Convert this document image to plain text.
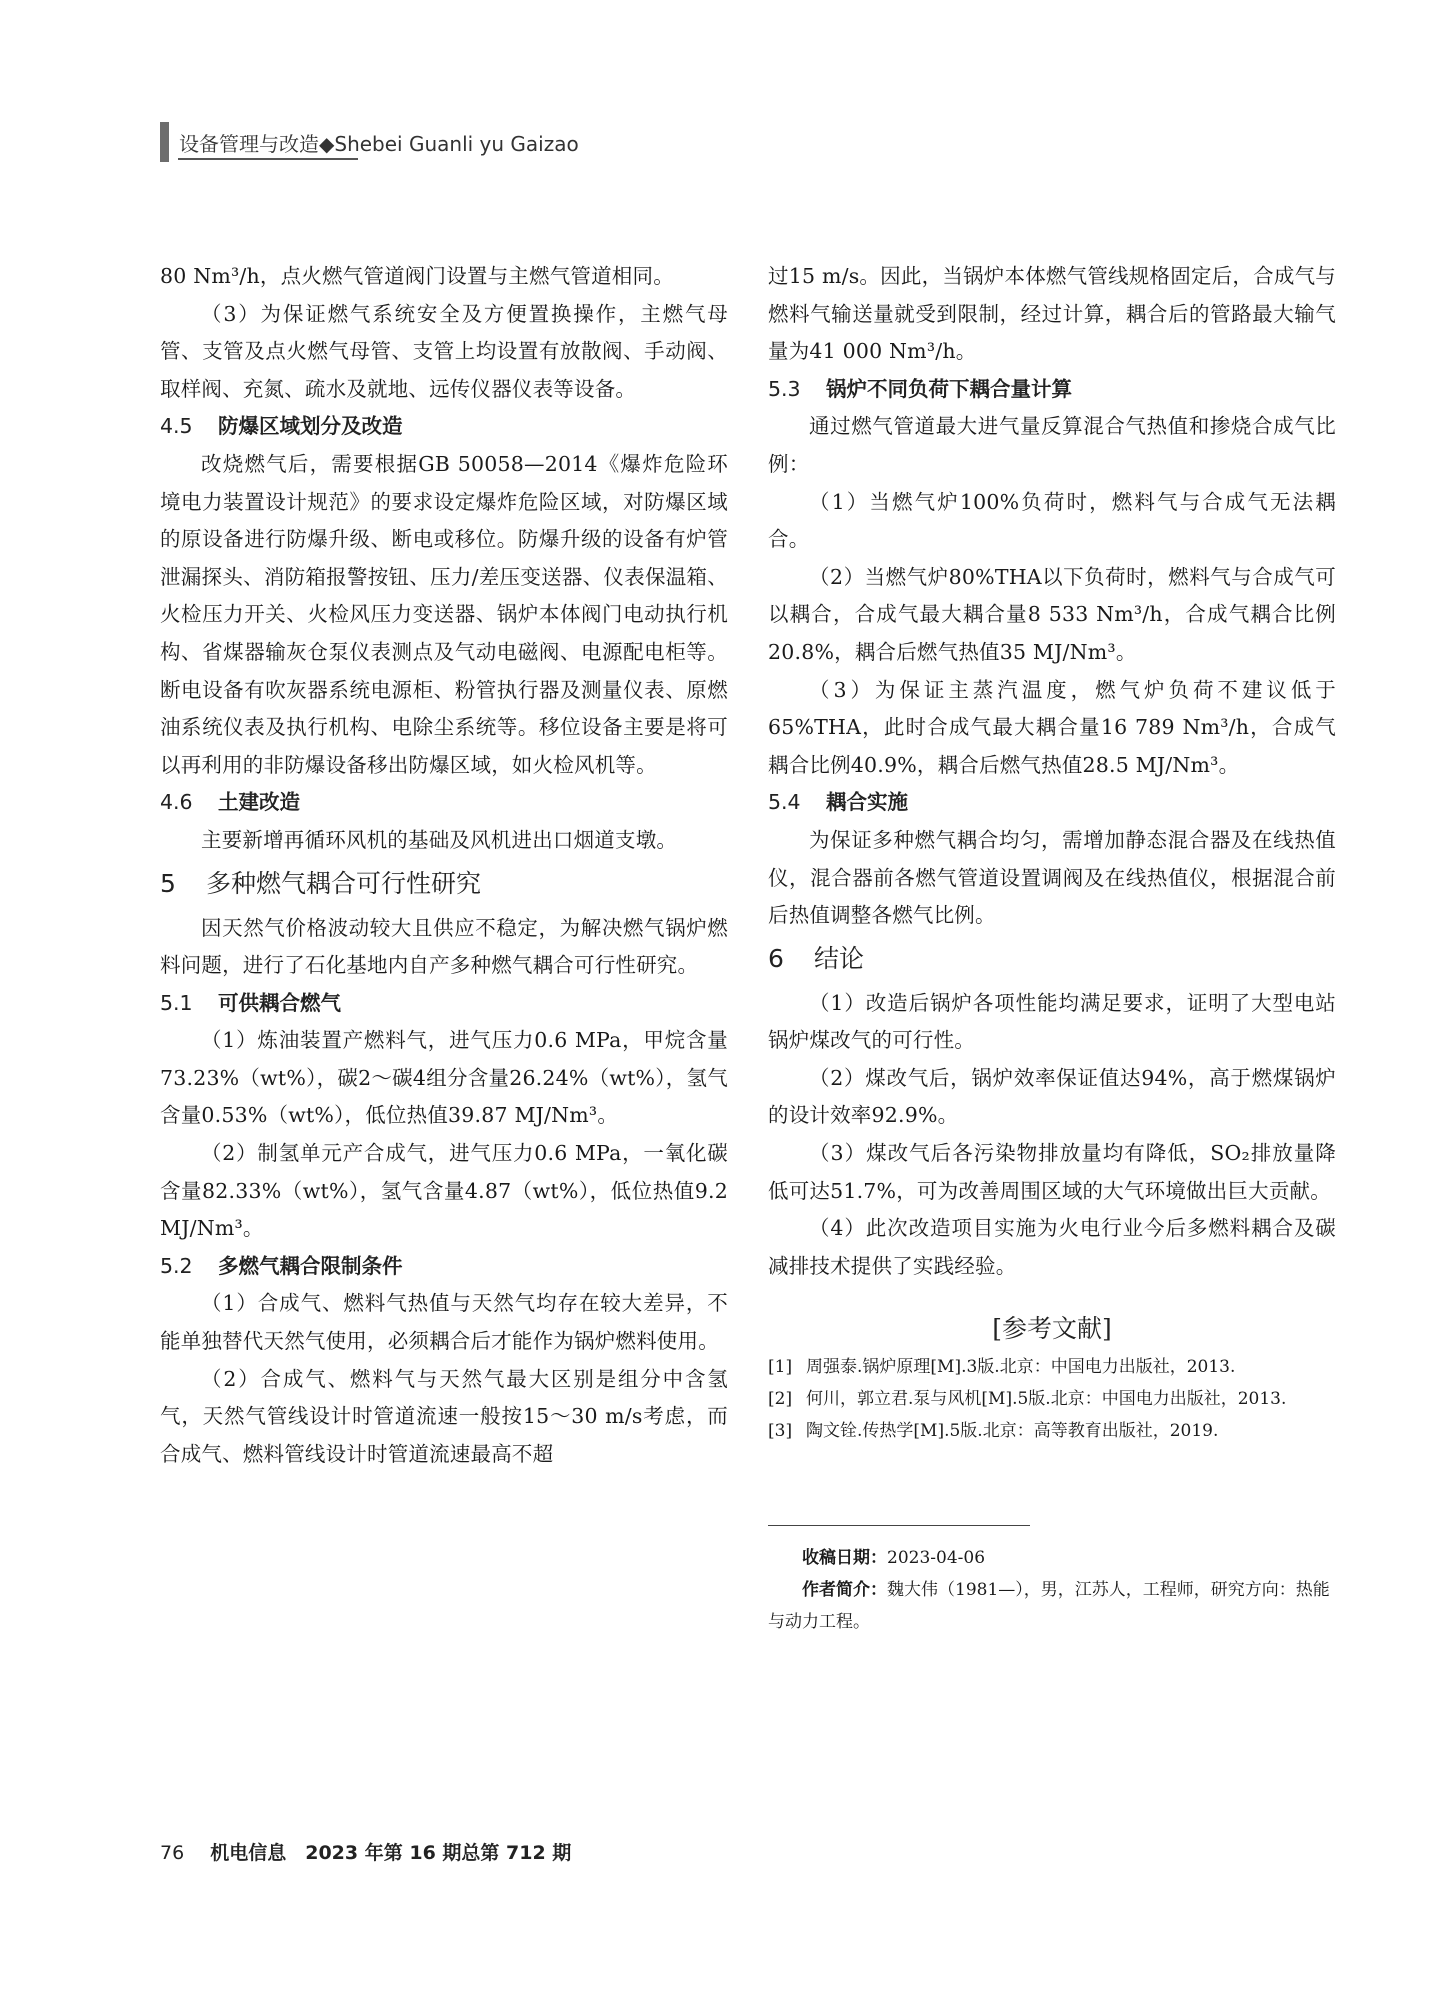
设备管理与改造◆Shebei Guanli yu Gaizao

80 Nm³/h，点火燃气管道阀门设置与主燃气管道相同。

（3）为保证燃气系统安全及方便置换操作，主燃气母管、支管及点火燃气母管、支管上均设置有放散阀、手动阀、取样阀、充氮、疏水及就地、远传仪器仪表等设备。

4.5 防爆区域划分及改造

改烧燃气后，需要根据GB 50058—2014《爆炸危险环境电力装置设计规范》的要求设定爆炸危险区域，对防爆区域的原设备进行防爆升级、断电或移位。防爆升级的设备有炉管泄漏探头、消防箱报警按钮、压力/差压变送器、仪表保温箱、火检压力开关、火检风压力变送器、锅炉本体阀门电动执行机构、省煤器输灰仓泵仪表测点及气动电磁阀、电源配电柜等。断电设备有吹灰器系统电源柜、粉管执行器及测量仪表、原燃油系统仪表及执行机构、电除尘系统等。移位设备主要是将可以再利用的非防爆设备移出防爆区域，如火检风机等。

4.6 土建改造

主要新增再循环风机的基础及风机进出口烟道支墩。

5 多种燃气耦合可行性研究

因天然气价格波动较大且供应不稳定，为解决燃气锅炉燃料问题，进行了石化基地内自产多种燃气耦合可行性研究。

5.1 可供耦合燃气

（1）炼油装置产燃料气，进气压力0.6 MPa，甲烷含量73.23%（wt%），碳2～碳4组分含量26.24%（wt%），氢气含量0.53%（wt%），低位热值39.87 MJ/Nm³。

（2）制氢单元产合成气，进气压力0.6 MPa，一氧化碳含量82.33%（wt%），氢气含量4.87（wt%），低位热值9.2 MJ/Nm³。

5.2 多燃气耦合限制条件

（1）合成气、燃料气热值与天然气均存在较大差异，不能单独替代天然气使用，必须耦合后才能作为锅炉燃料使用。

（2）合成气、燃料气与天然气最大区别是组分中含氢气，天然气管线设计时管道流速一般按15～30 m/s考虑，而合成气、燃料管线设计时管道流速最高不超

过15 m/s。因此，当锅炉本体燃气管线规格固定后，合成气与燃料气输送量就受到限制，经过计算，耦合后的管路最大输气量为41 000 Nm³/h。

5.3 锅炉不同负荷下耦合量计算

通过燃气管道最大进气量反算混合气热值和掺烧合成气比例：

（1）当燃气炉100%负荷时，燃料气与合成气无法耦合。

（2）当燃气炉80%THA以下负荷时，燃料气与合成气可以耦合，合成气最大耦合量8 533 Nm³/h，合成气耦合比例20.8%，耦合后燃气热值35 MJ/Nm³。

（3）为保证主蒸汽温度，燃气炉负荷不建议低于65%THA，此时合成气最大耦合量16 789 Nm³/h，合成气耦合比例40.9%，耦合后燃气热值28.5 MJ/Nm³。

5.4 耦合实施

为保证多种燃气耦合均匀，需增加静态混合器及在线热值仪，混合器前各燃气管道设置调阀及在线热值仪，根据混合前后热值调整各燃气比例。

6 结论

（1）改造后锅炉各项性能均满足要求，证明了大型电站锅炉煤改气的可行性。

（2）煤改气后，锅炉效率保证值达94%，高于燃煤锅炉的设计效率92.9%。

（3）煤改气后各污染物排放量均有降低，SO₂排放量降低可达51.7%，可为改善周围区域的大气环境做出巨大贡献。

（4）此次改造项目实施为火电行业今后多燃料耦合及碳减排技术提供了实践经验。

[参考文献]
[1] 周强泰.锅炉原理[M].3版.北京：中国电力出版社，2013.
[2] 何川，郭立君.泵与风机[M].5版.北京：中国电力出版社，2013.
[3] 陶文铨.传热学[M].5版.北京：高等教育出版社，2019.

收稿日期：2023-04-06

作者简介：魏大伟（1981—），男，江苏人，工程师，研究方向：热能与动力工程。

76 机电信息　2023 年第 16 期总第 712 期
